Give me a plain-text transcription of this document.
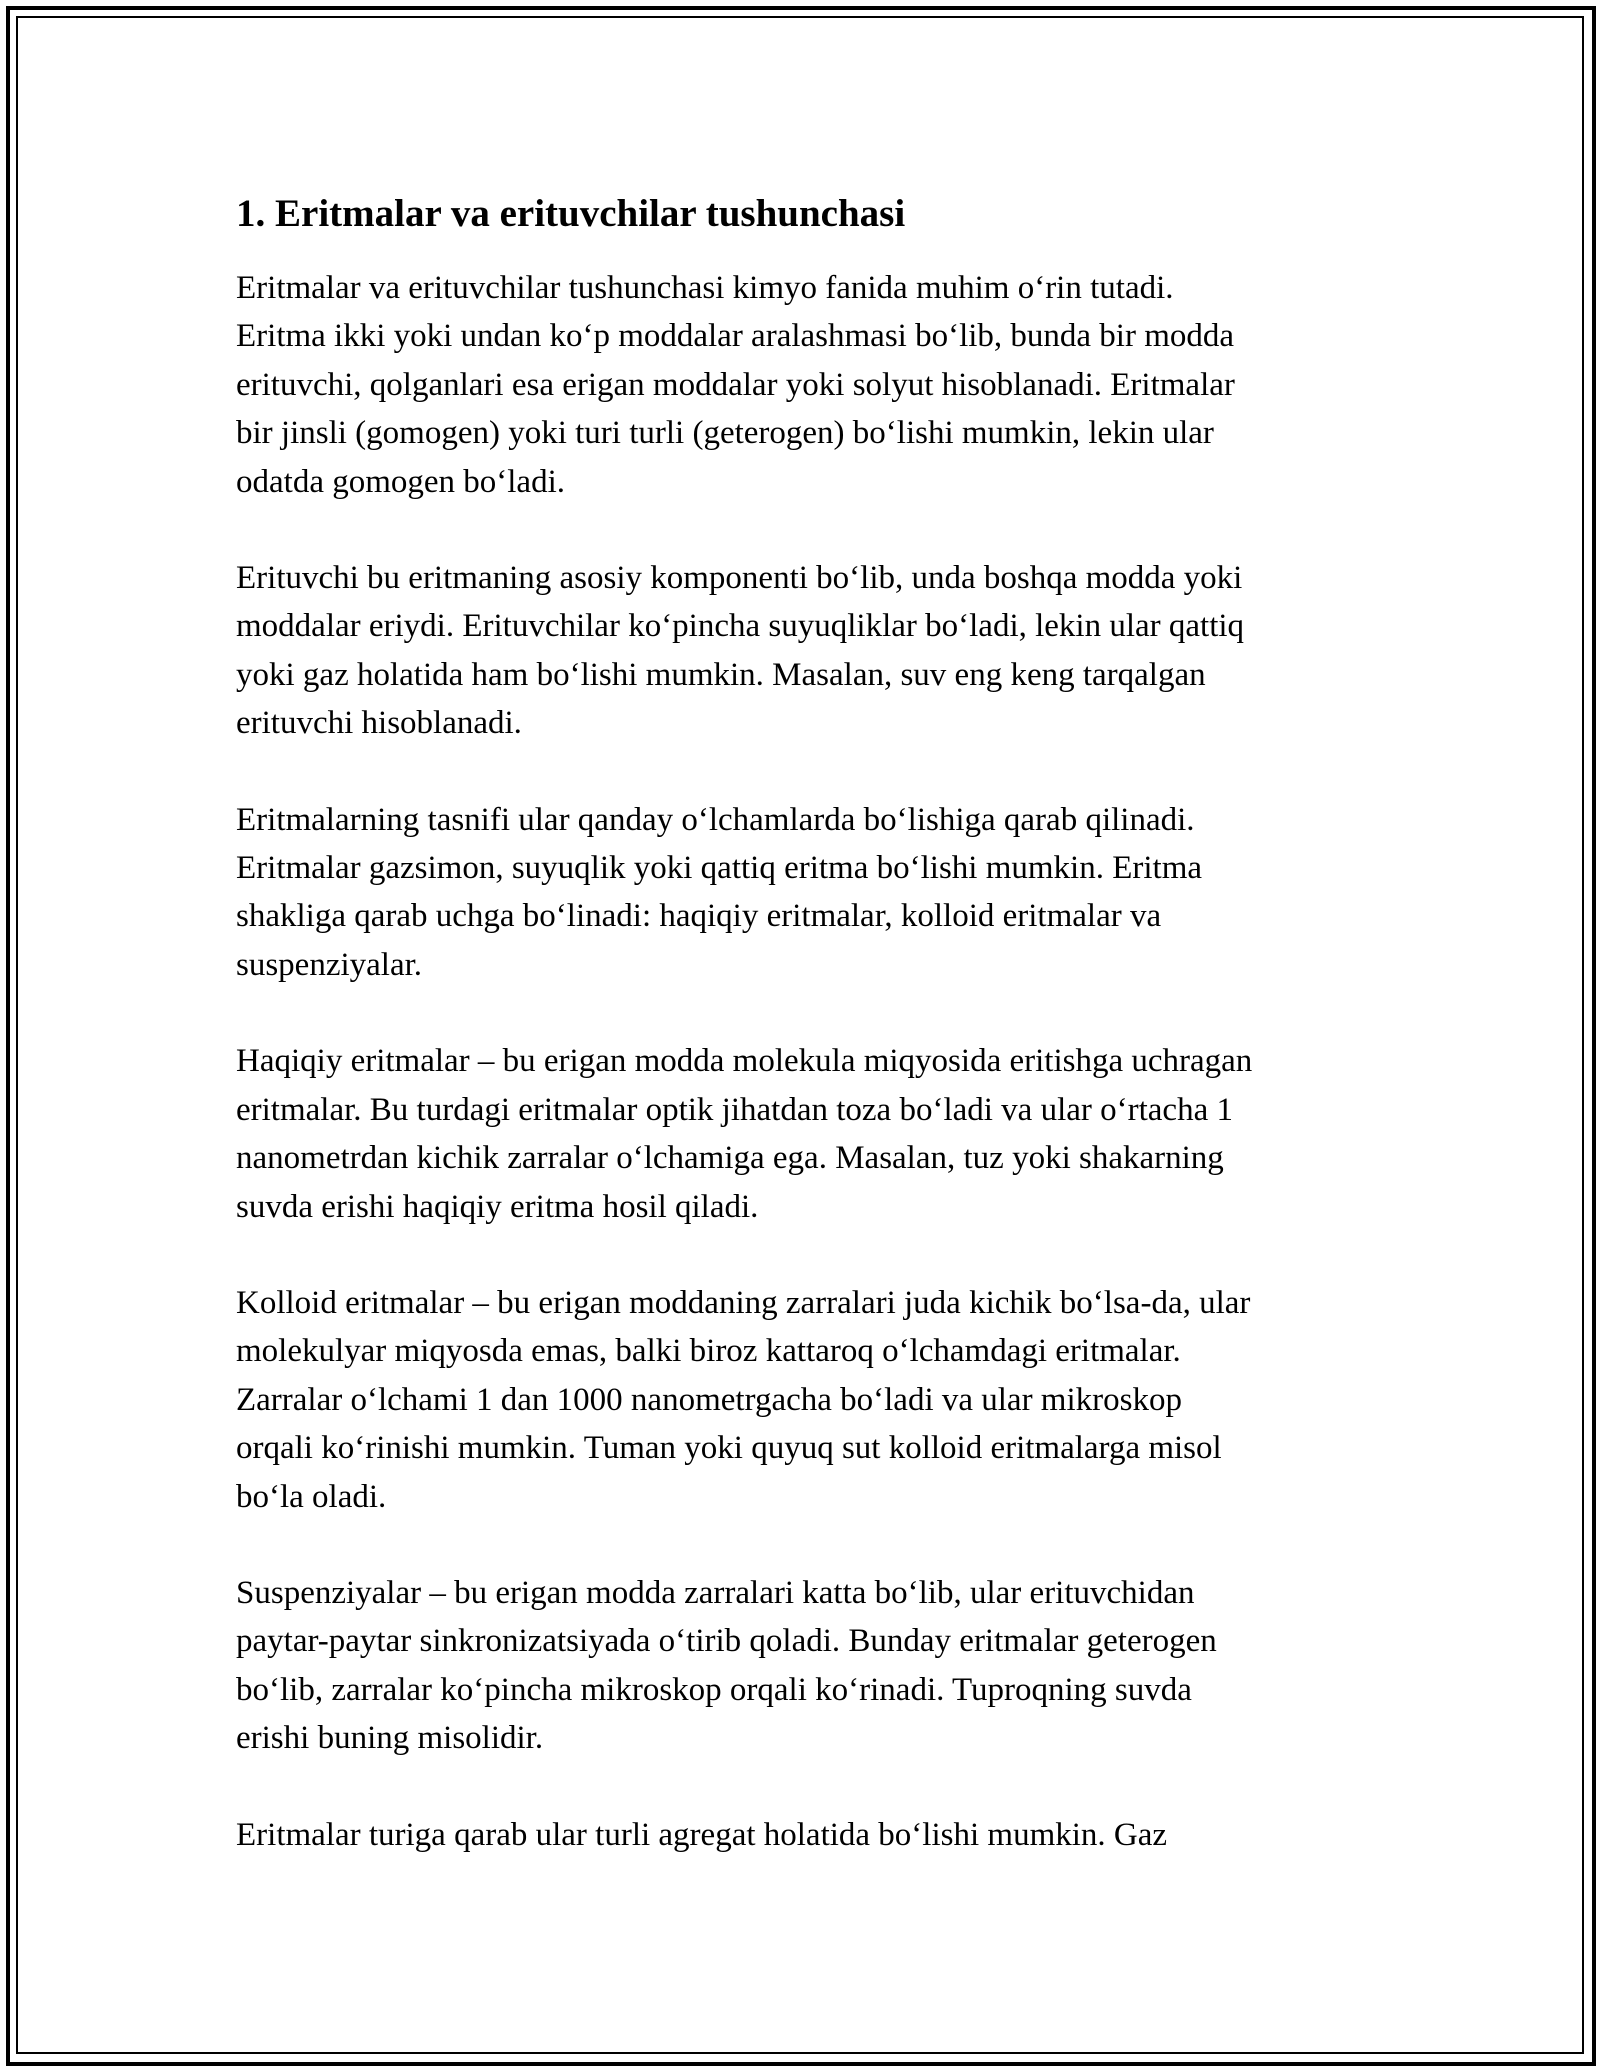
1. Eritmalar va erituvchilar tushunchasi

Eritmalar va erituvchilar tushunchasi kimyo fanida muhim o‘rin tutadi.
Eritma ikki yoki undan ko‘p moddalar aralashmasi bo‘lib, bunda bir modda
erituvchi, qolganlari esa erigan moddalar yoki solyut hisoblanadi. Eritmalar
bir jinsli (gomogen) yoki turi turli (geterogen) bo‘lishi mumkin, lekin ular
odatda gomogen bo‘ladi.

Erituvchi bu eritmaning asosiy komponenti bo‘lib, unda boshqa modda yoki
moddalar eriydi. Erituvchilar ko‘pincha suyuqliklar bo‘ladi, lekin ular qattiq
yoki gaz holatida ham bo‘lishi mumkin. Masalan, suv eng keng tarqalgan
erituvchi hisoblanadi.

Eritmalarning tasnifi ular qanday o‘lchamlarda bo‘lishiga qarab qilinadi.
Eritmalar gazsimon, suyuqlik yoki qattiq eritma bo‘lishi mumkin. Eritma
shakliga qarab uchga bo‘linadi: haqiqiy eritmalar, kolloid eritmalar va
suspenziyalar.

Haqiqiy eritmalar – bu erigan modda molekula miqyosida eritishga uchragan
eritmalar. Bu turdagi eritmalar optik jihatdan toza bo‘ladi va ular o‘rtacha 1
nanometrdan kichik zarralar o‘lchamiga ega. Masalan, tuz yoki shakarning
suvda erishi haqiqiy eritma hosil qiladi.

Kolloid eritmalar – bu erigan moddaning zarralari juda kichik bo‘lsa-da, ular
molekulyar miqyosda emas, balki biroz kattaroq o‘lchamdagi eritmalar.
Zarralar o‘lchami 1 dan 1000 nanometrgacha bo‘ladi va ular mikroskop
orqali ko‘rinishi mumkin. Tuman yoki quyuq sut kolloid eritmalarga misol
bo‘la oladi.

Suspenziyalar – bu erigan modda zarralari katta bo‘lib, ular erituvchidan
paytar-paytar sinkronizatsiyada o‘tirib qoladi. Bunday eritmalar geterogen
bo‘lib, zarralar ko‘pincha mikroskop orqali ko‘rinadi. Tuproqning suvda
erishi buning misolidir.

Eritmalar turiga qarab ular turli agregat holatida bo‘lishi mumkin. Gaz
